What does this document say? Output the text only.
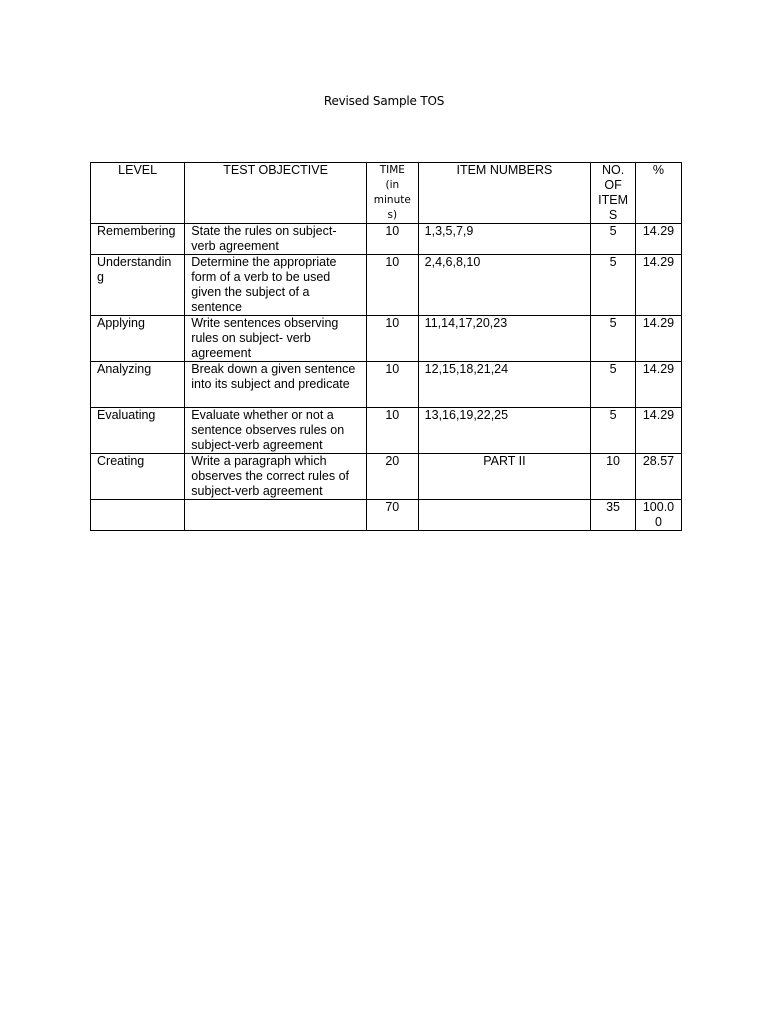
Revised Sample TOS
LEVEL	TEST OBJECTIVE	TIME (in minutes)	ITEM NUMBERS	NO. OF ITEMS	%
Remembering	State the rules on subject-verb agreement	10	1,3,5,7,9	5	14.29
Understanding	Determine the appropriate form of a verb to be used given the subject of a sentence	10	2,4,6,8,10	5	14.29
Applying	Write sentences observing rules on subject- verb agreement	10	11,14,17,20,23	5	14.29
Analyzing	Break down a given sentence into its subject and predicate	10	12,15,18,21,24	5	14.29
Evaluating	Evaluate whether or not a sentence observes rules on subject-verb agreement	10	13,16,19,22,25	5	14.29
Creating	Write a paragraph which observes the correct rules of subject-verb agreement	20	PART II	10	28.57
		70		35	100.00
